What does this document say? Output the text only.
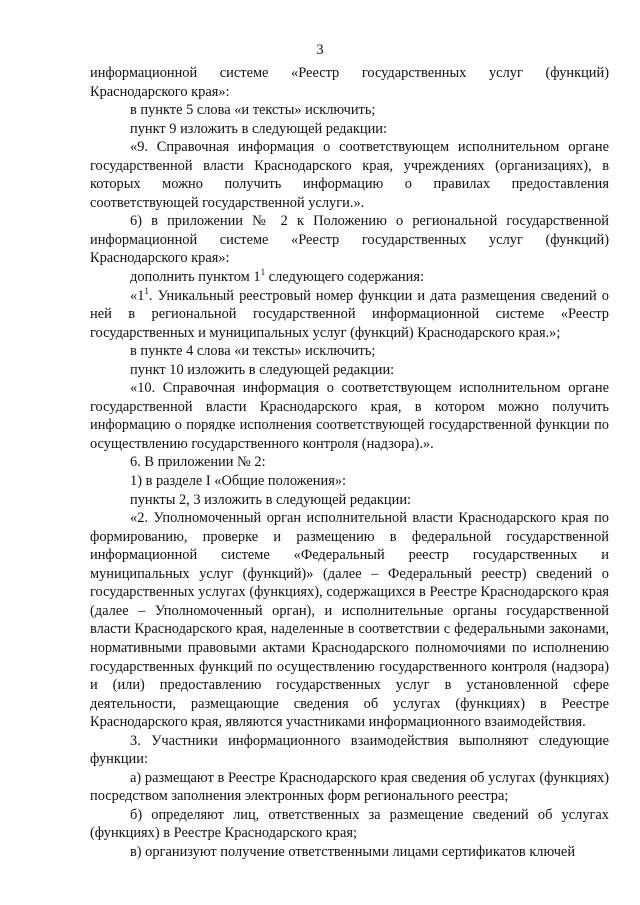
3

информационной системе «Реестр государственных услуг (функций) Краснодарского края»:

в пункте 5 слова «и тексты» исключить;

пункт 9 изложить в следующей редакции:

«9. Справочная информация о соответствующем исполнительном органе государственной власти Краснодарского края, учреждениях (организациях), в которых можно получить информацию о правилах предоставления соответствующей государственной услуги.».

6) в приложении № 2 к Положению о региональной государственной информационной системе «Реестр государственных услуг (функций) Краснодарского края»:

дополнить пунктом $1^1$ следующего содержания:

«$1^1$. Уникальный реестровый номер функции и дата размещения сведений о ней в региональной государственной информационной системе «Реестр государственных и муниципальных услуг (функций) Краснодарского края.»;

в пункте 4 слова «и тексты» исключить;

пункт 10 изложить в следующей редакции:

«10. Справочная информация о соответствующем исполнительном органе государственной власти Краснодарского края, в котором можно получить информацию о порядке исполнения соответствующей государственной функции по осуществлению государственного контроля (надзора).».

6. В приложении № 2:

1) в разделе I «Общие положения»:

пункты 2, 3 изложить в следующей редакции:

«2. Уполномоченный орган исполнительной власти Краснодарского края по формированию, проверке и размещению в федеральной государственной информационной системе «Федеральный реестр государственных и муниципальных услуг (функций)» (далее – Федеральный реестр) сведений о государственных услугах (функциях), содержащихся в Реестре Краснодарского края (далее – Уполномоченный орган), и исполнительные органы государственной власти Краснодарского края, наделенные в соответствии с федеральными законами, нормативными правовыми актами Краснодарского полномочиями по исполнению государственных функций по осуществлению государственного контроля (надзора) и (или) предоставлению государственных услуг в установленной сфере деятельности, размещающие сведения об услугах (функциях) в Реестре Краснодарского края, являются участниками информационного взаимодействия.

3. Участники информационного взаимодействия выполняют следующие функции:

а) размещают в Реестре Краснодарского края сведения об услугах (функциях) посредством заполнения электронных форм регионального реестра;

б) определяют лиц, ответственных за размещение сведений об услугах (функциях) в Реестре Краснодарского края;

в) организуют получение ответственными лицами сертификатов ключей
